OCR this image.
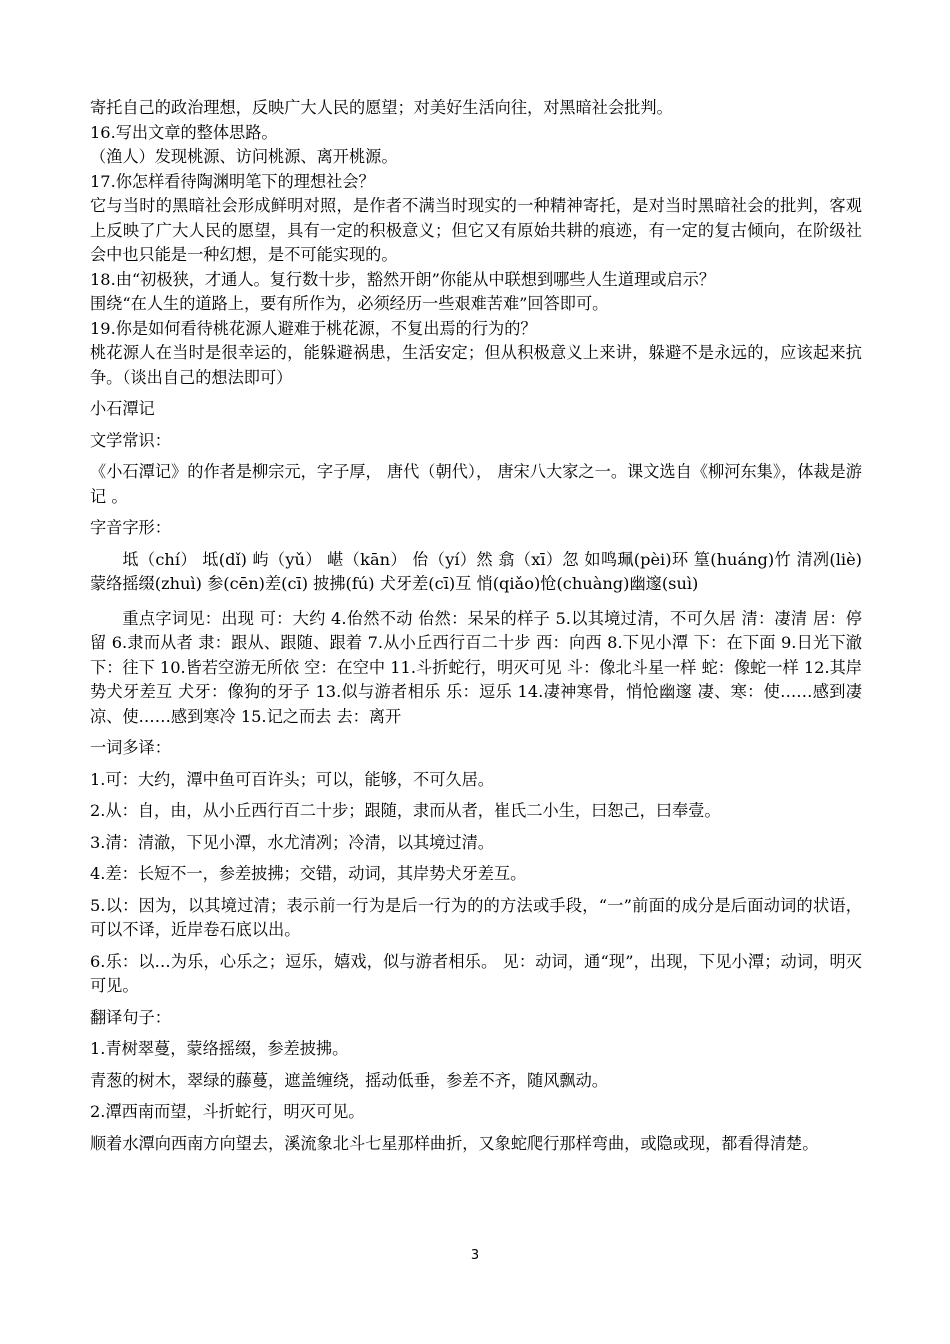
寄托自己的政治理想，反映广大人民的愿望；对美好生活向往，对黑暗社会批判。

16.写出文章的整体思路。

（渔人）发现桃源、访问桃源、离开桃源。

17.你怎样看待陶渊明笔下的理想社会？

它与当时的黑暗社会形成鲜明对照，是作者不满当时现实的一种精神寄托，是对当时黑暗社会的批判，客观上反映了广大人民的愿望，具有一定的积极意义；但它又有原始共耕的痕迹，有一定的复古倾向，在阶级社会中也只能是一种幻想，是不可能实现的。

18.由“初极狭，才通人。复行数十步，豁然开朗”你能从中联想到哪些人生道理或启示？

围绕“在人生的道路上，要有所作为，必须经历一些艰难苦难”回答即可。

19.你是如何看待桃花源人避难于桃花源，不复出焉的行为的？

桃花源人在当时是很幸运的，能躲避祸患，生活安定；但从积极意义上来讲，躲避不是永远的，应该起来抗争。（谈出自己的想法即可）

小石潭记

文学常识：

《小石潭记》的作者是柳宗元，字子厚， 唐代（朝代）， 唐宋八大家之一。课文选自《柳河东集》，体裁是游记 。

字音字形：

坻（chí） 坻(dǐ) 屿（yǔ） 嵁（kān） 佁（yí）然 翕（xī）忽 如鸣珮(pèi)环 篁(huáng)竹 清冽(liè) 蒙络摇缀(zhuì) 参(cēn)差(cī) 披拂(fú) 犬牙差(cī)互 悄(qiǎo)怆(chuàng)幽邃(suì)

重点字词见：出现 可：大约 4.佁然不动 佁然：呆呆的样子 5.以其境过清，不可久居 清：凄清 居：停留 6.隶而从者 隶：跟从、跟随、跟着 7.从小丘西行百二十步 西：向西 8.下见小潭 下：在下面 9.日光下澈 下：往下 10.皆若空游无所依 空：在空中 11.斗折蛇行，明灭可见 斗：像北斗星一样 蛇：像蛇一样 12.其岸势犬牙差互 犬牙：像狗的牙子 13.似与游者相乐 乐：逗乐 14.凄神寒骨，悄怆幽邃 凄、寒：使……感到凄凉、使……感到寒冷 15.记之而去 去：离开

一词多译：

1.可：大约，潭中鱼可百许头；可以，能够，不可久居。

2.从：自，由，从小丘西行百二十步；跟随，隶而从者，崔氏二小生，曰恕己，曰奉壹。

3.清：清澈，下见小潭，水尤清冽；冷清，以其境过清。

4.差：长短不一，参差披拂；交错，动词，其岸势犬牙差互。

5.以：因为，以其境过清；表示前一行为是后一行为的的方法或手段，“一”前面的成分是后面动词的状语，可以不译，近岸卷石底以出。

6.乐：以…为乐，心乐之；逗乐，嬉戏，似与游者相乐。 见：动词，通“现”，出现，下见小潭；动词，明灭可见。

翻译句子：

1.青树翠蔓，蒙络摇缀，参差披拂。

青葱的树木，翠绿的藤蔓，遮盖缠绕，摇动低垂，参差不齐，随风飘动。

2.潭西南而望，斗折蛇行，明灭可见。

顺着水潭向西南方向望去，溪流象北斗七星那样曲折，又象蛇爬行那样弯曲，或隐或现，都看得清楚。

3
